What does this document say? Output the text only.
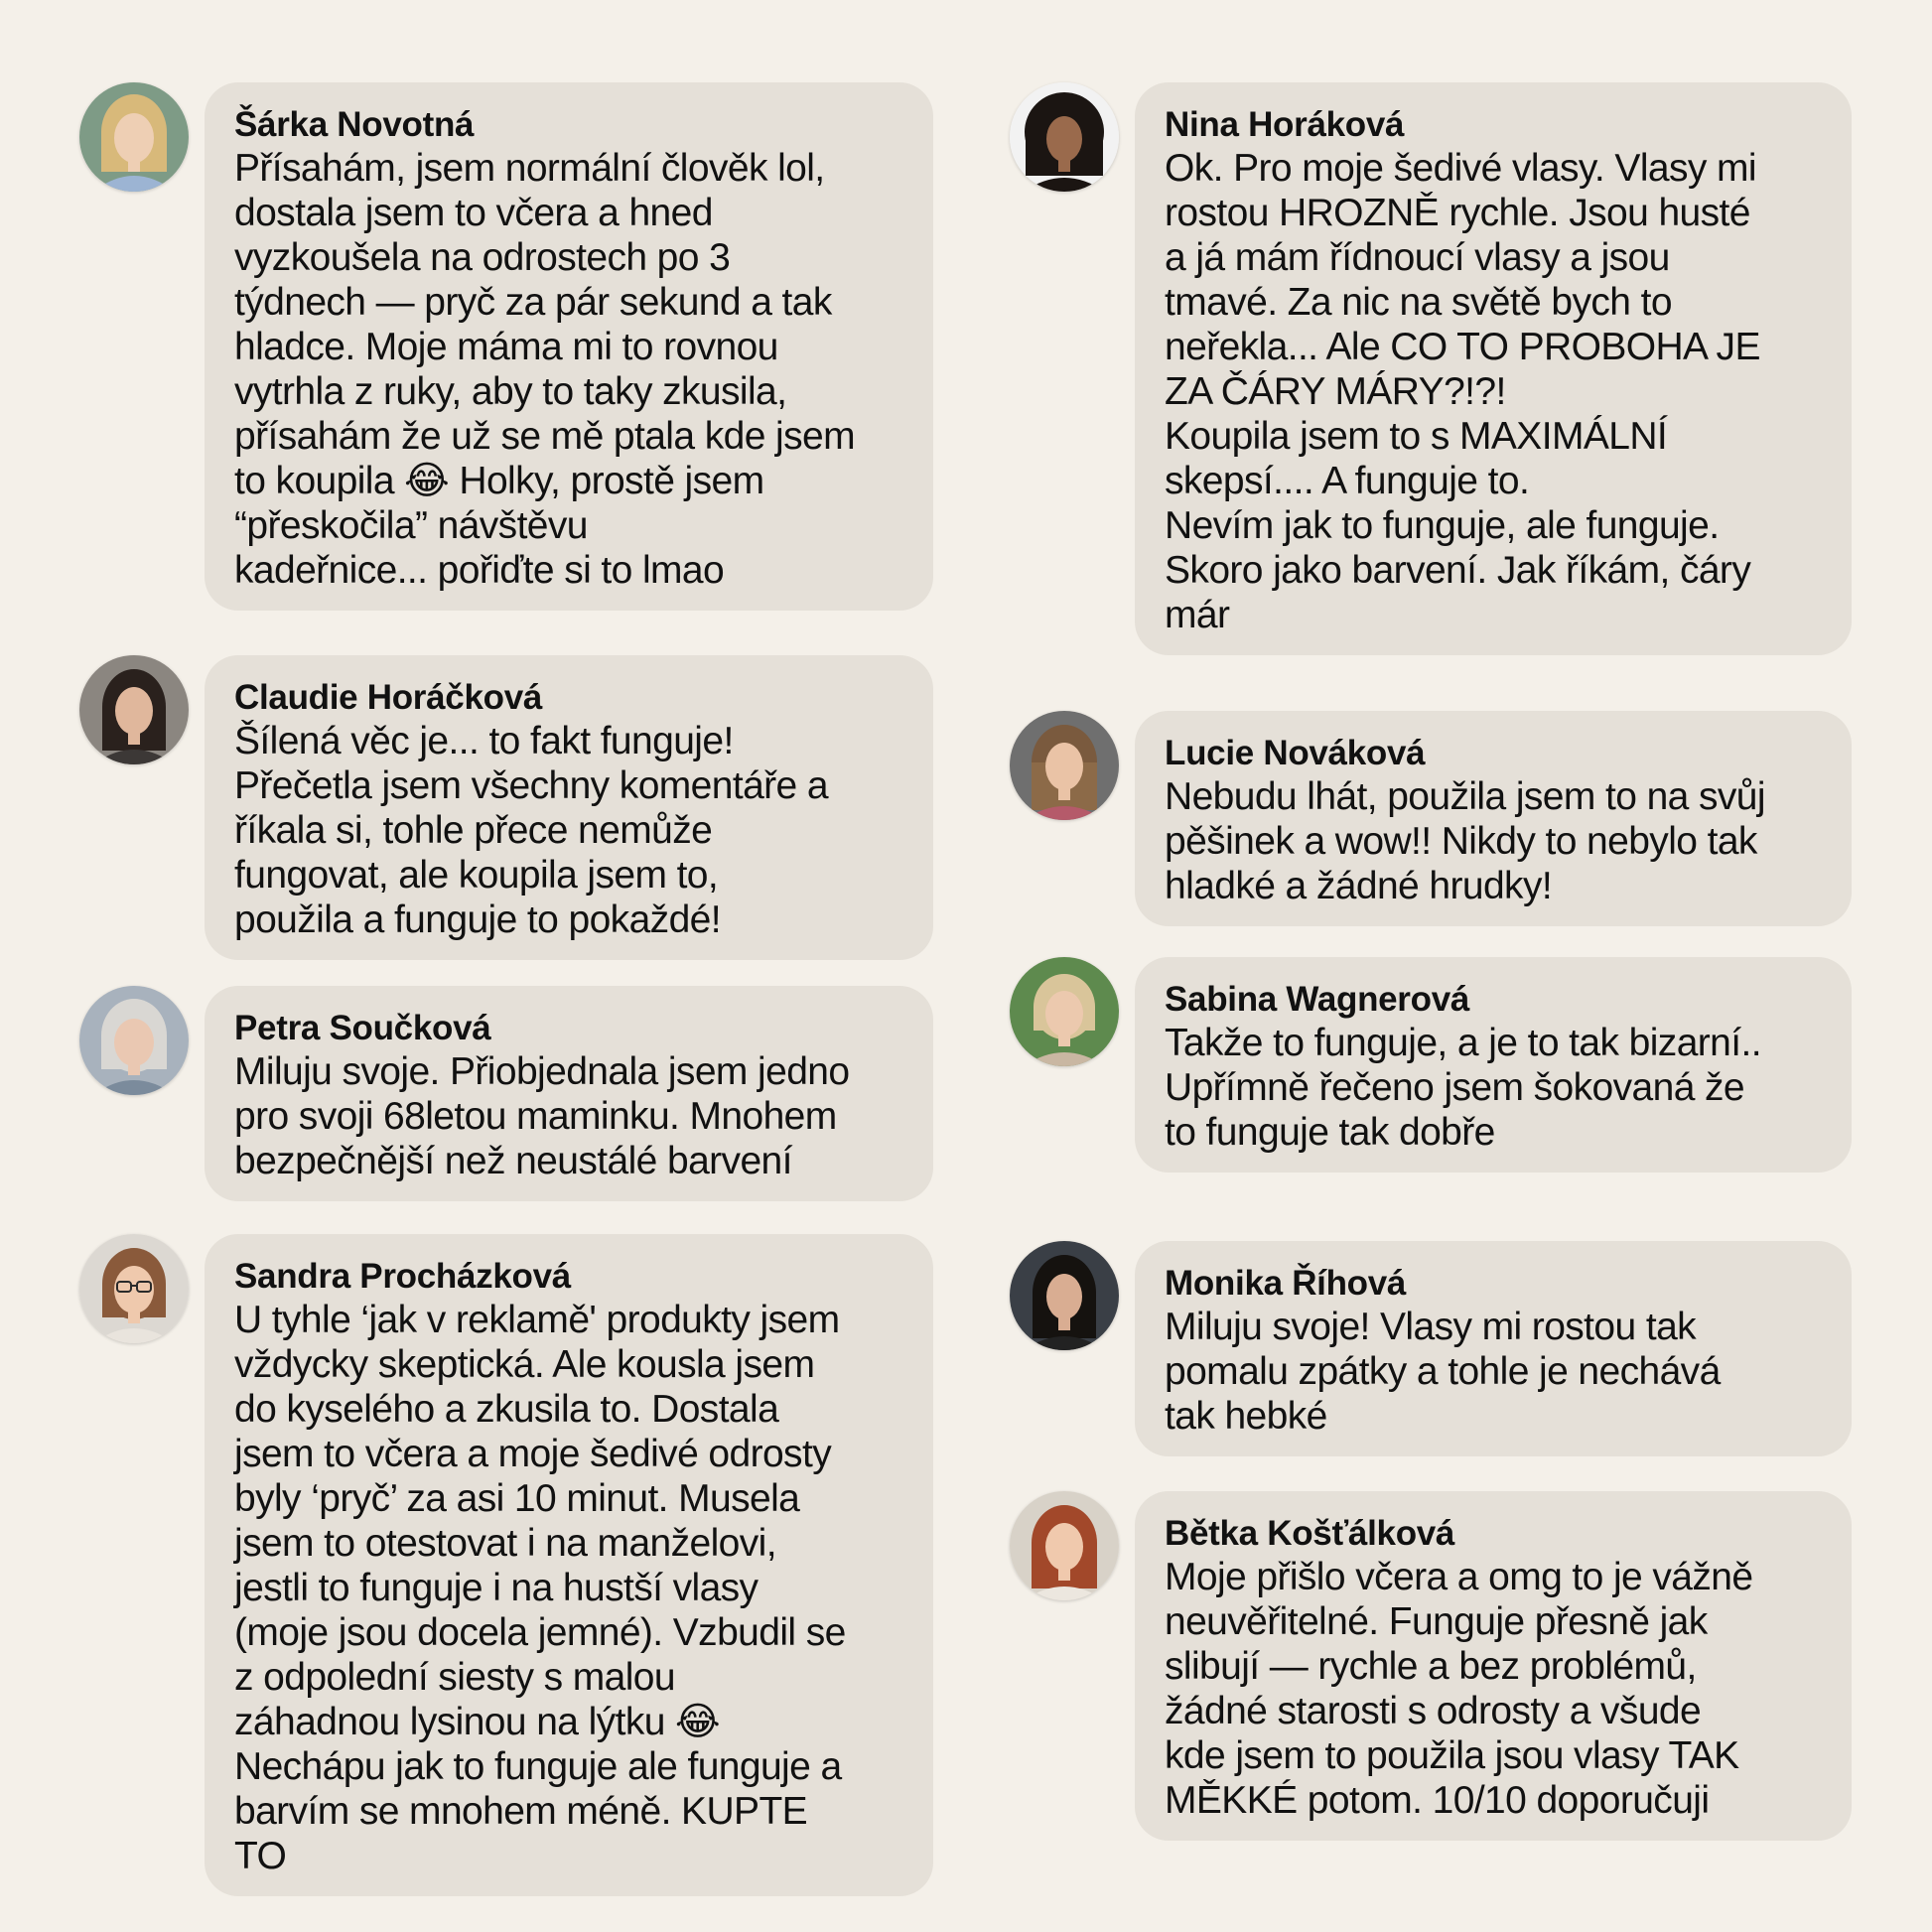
Šárka Novotná
Přísahám, jsem normální člověk lol,
dostala jsem to včera a hned
vyzkoušela na odrostech po 3
týdnech — pryč za pár sekund a tak
hladce. Moje máma mi to rovnou
vytrhla z ruky, aby to taky zkusila,
přísahám že už se mě ptala kde jsem
to koupila 😂 Holky, prostě jsem
“přeskočila” návštěvu
kadeřnice... pořiďte si to lmao
Claudie Horáčková
Šílená věc je... to fakt funguje!
Přečetla jsem všechny komentáře a
říkala si, tohle přece nemůže
fungovat, ale koupila jsem to,
použila a funguje to pokaždé!
Petra Součková
Miluju svoje. Přiobjednala jsem jedno
pro svoji 68letou maminku. Mnohem
bezpečnější než neustálé barvení
Sandra Procházková
U tyhle ‘jak v reklamě' produkty jsem
vždycky skeptická. Ale kousla jsem
do kyselého a zkusila to. Dostala
jsem to včera a moje šedivé odrosty
byly ‘pryč’ za asi 10 minut. Musela
jsem to otestovat i na manželovi,
jestli to funguje i na hustší vlasy
(moje jsou docela jemné). Vzbudil se
z odpolední siesty s malou
záhadnou lysinou na lýtku 😂
Nechápu jak to funguje ale funguje a
barvím se mnohem méně. KUPTE
TO
Nina Horáková
Ok. Pro moje šedivé vlasy. Vlasy mi
rostou HROZNĚ rychle. Jsou husté
a já mám řídnoucí vlasy a jsou
tmavé. Za nic na světě bych to
neřekla... Ale CO TO PROBOHA JE
ZA ČÁRY MÁRY?!?!
Koupila jsem to s MAXIMÁLNÍ
skepsí.... A funguje to.
Nevím jak to funguje, ale funguje.
Skoro jako barvení. Jak říkám, čáry
már
Lucie Nováková
Nebudu lhát, použila jsem to na svůj
pěšinek a wow!! Nikdy to nebylo tak
hladké a žádné hrudky!
Sabina Wagnerová
Takže to funguje, a je to tak bizarní..
Upřímně řečeno jsem šokovaná že
to funguje tak dobře
Monika Říhová
Miluju svoje! Vlasy mi rostou tak
pomalu zpátky a tohle je nechává
tak hebké
Bětka Košťálková
Moje přišlo včera a omg to je vážně
neuvěřitelné. Funguje přesně jak
slibují — rychle a bez problémů,
žádné starosti s odrosty a všude
kde jsem to použila jsou vlasy TAK
MĚKKÉ potom. 10/10 doporučuji
